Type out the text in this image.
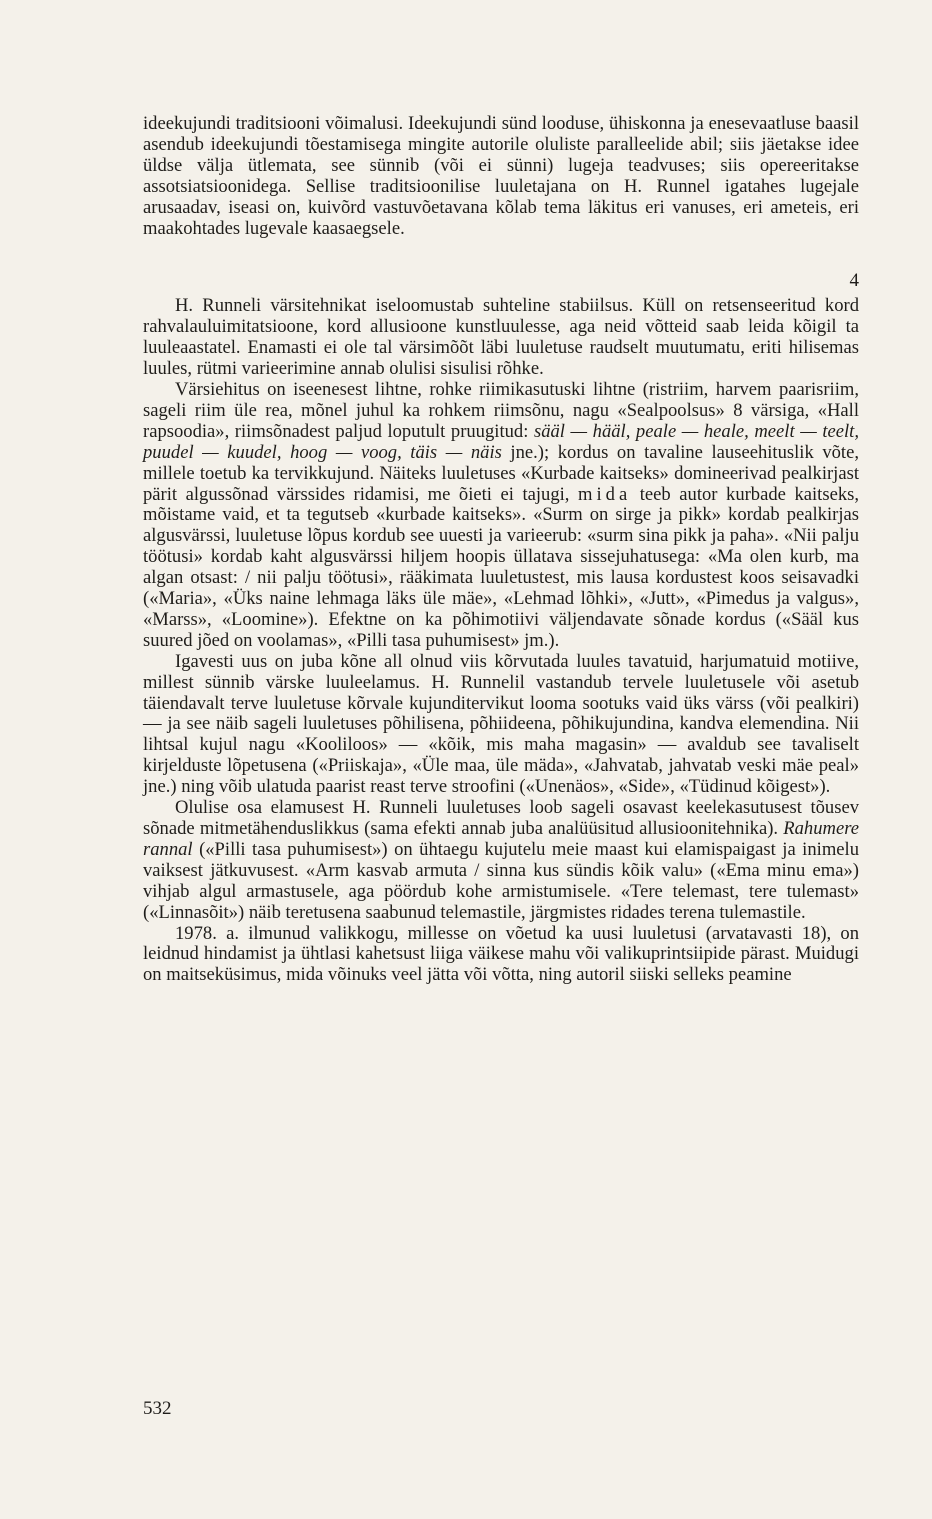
ideekujundi traditsiooni võimalusi. Ideekujundi sünd looduse, ühiskonna ja enesevaatluse baasil asendub ideekujundi tõestamisega mingite autorile oluliste paralleelide abil; siis jäetakse idee üldse välja ütlemata, see sünnib (või ei sünni) lugeja teadvuses; siis opereeritakse assotsiatsioonidega. Sellise traditsioonilise luuletajana on H. Runnel igatahes lugejale arusaadav, iseasi on, kuivõrd vastuvõetavana kõlab tema läkitus eri vanuses, eri ameteis, eri maakohtades lugevale kaasaegsele.

4

H. Runneli värsitehnikat iseloomustab suhteline stabiilsus. Küll on retsenseeritud kord rahvalauluimitatsioone, kord allusioone kunstluulesse, aga neid võtteid saab leida kõigil ta luuleaastatel. Enamasti ei ole tal värsimõõt läbi luuletuse raudselt muutumatu, eriti hilisemas luules, rütmi varieerimine annab olulisi sisulisi rõhke.

Värsiehitus on iseenesest lihtne, rohke riimikasutuski lihtne (ristriim, harvem paarisriim, sageli riim üle rea, mõnel juhul ka rohkem riimsõnu, nagu «Sealpoolsus» 8 värsiga, «Hall rapsoodia», riimsõnadest paljud loputult pruugitud: sääl — hääl, peale — heale, meelt — teelt, puudel — kuudel, hoog — voog, täis — näis jne.); kordus on tavaline lauseehituslik võte, millele toetub ka tervikkujund. Näiteks luuletuses «Kurbade kaitseks» domineerivad pealkirjast pärit algussõnad värssides ridamisi, me õieti ei tajugi, mida teeb autor kurbade kaitseks, mõistame vaid, et ta tegutseb «kurbade kaitseks». «Surm on sirge ja pikk» kordab pealkirjas algusvärssi, luuletuse lõpus kordub see uuesti ja varieerub: «surm sina pikk ja paha». «Nii palju töötusi» kordab kaht algusvärssi hiljem hoopis üllatava sissejuhatusega: «Ma olen kurb, ma algan otsast: / nii palju töötusi», rääkimata luuletustest, mis lausa kordustest koos seisavadki («Maria», «Üks naine lehmaga läks üle mäe», «Lehmad lõhki», «Jutt», «Pimedus ja valgus», «Marss», «Loomine»). Efektne on ka põhimotiivi väljendavate sõnade kordus («Sääl kus suured jõed on voolamas», «Pilli tasa puhumisest» jm.).

Igavesti uus on juba kõne all olnud viis kõrvutada luules tavatuid, harjumatuid motiive, millest sünnib värske luuleelamus. H. Runnelil vastandub tervele luuletusele või asetub täiendavalt terve luuletuse kõrvale kujunditervikut looma sootuks vaid üks värss (või pealkiri) — ja see näib sageli luuletuses põhilisena, põhiideena, põhikujundina, kandva elemendina. Nii lihtsal kujul nagu «Kooliloos» — «kõik, mis maha magasin» — avaldub see tavaliselt kirjelduste lõpetusena («Priiskaja», «Üle maa, üle mäda», «Jahvatab, jahvatab veski mäe peal» jne.) ning võib ulatuda paarist reast terve stroofini («Unenäos», «Side», «Tüdinud kõigest»).

Olulise osa elamusest H. Runneli luuletuses loob sageli osavast keelekasutusest tõusev sõnade mitmetähenduslikkus (sama efekti annab juba analüüsitud allusioonitehnika). Rahumere rannal («Pilli tasa puhumisest») on ühtaegu kujutelu meie maast kui elamispaigast ja inimelu vaiksest jätkuvusest. «Arm kasvab armuta / sinna kus sündis kõik valu» («Ema minu ema») vihjab algul armastusele, aga pöördub kohe armistumisele. «Tere telemast, tere tulemast» («Linnasõit») näib teretusena saabunud telemastile, järgmistes ridades terena tulemastile.

1978. a. ilmunud valikkogu, millesse on võetud ka uusi luuletusi (arvatavasti 18), on leidnud hindamist ja ühtlasi kahetsust liiga väikese mahu või valikuprintsiipide pärast. Muidugi on maitseküsimus, mida võinuks veel jätta või võtta, ning autoril siiski selleks peamine

532
